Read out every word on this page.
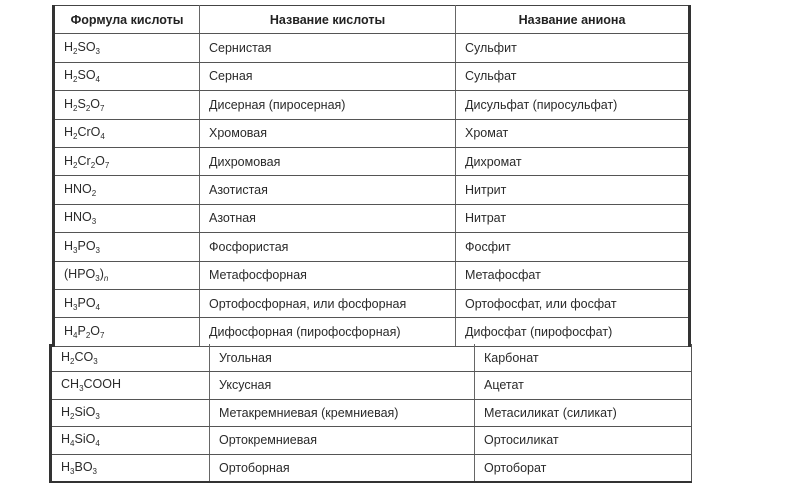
Формула кислоты	Название кислоты	Название аниона
$H_2SO_3$	Сернистая	Сульфит
$H_2SO_4$	Серная	Сульфат
$H_2S_2O_7$	Дисерная (пиросерная)	Дисульфат (пиросульфат)
$H_2CrO_4$	Хромовая	Хромат
$H_2Cr_2O_7$	Дихромовая	Дихромат
$HNO_2$	Азотистая	Нитрит
$HNO_3$	Азотная	Нитрат
$H_3PO_3$	Фосфористая	Фосфит
$(HPO_3)_n$	Метафосфорная	Метафосфат
$H_3PO_4$	Ортофосфорная, или фосфорная	Ортофосфат, или фосфат
$H_4P_2O_7$	Дифосфорная (пирофосфорная)	Дифосфат (пирофосфат)
$H_2CO_3$	Угольная	Карбонат
$CH_3COOH$	Уксусная	Ацетат
$H_2SiO_3$	Метакремниевая (кремниевая)	Метасиликат (силикат)
$H_4SiO_4$	Ортокремниевая	Ортосиликат
$H_3BO_3$	Ортоборная	Ортоборат
